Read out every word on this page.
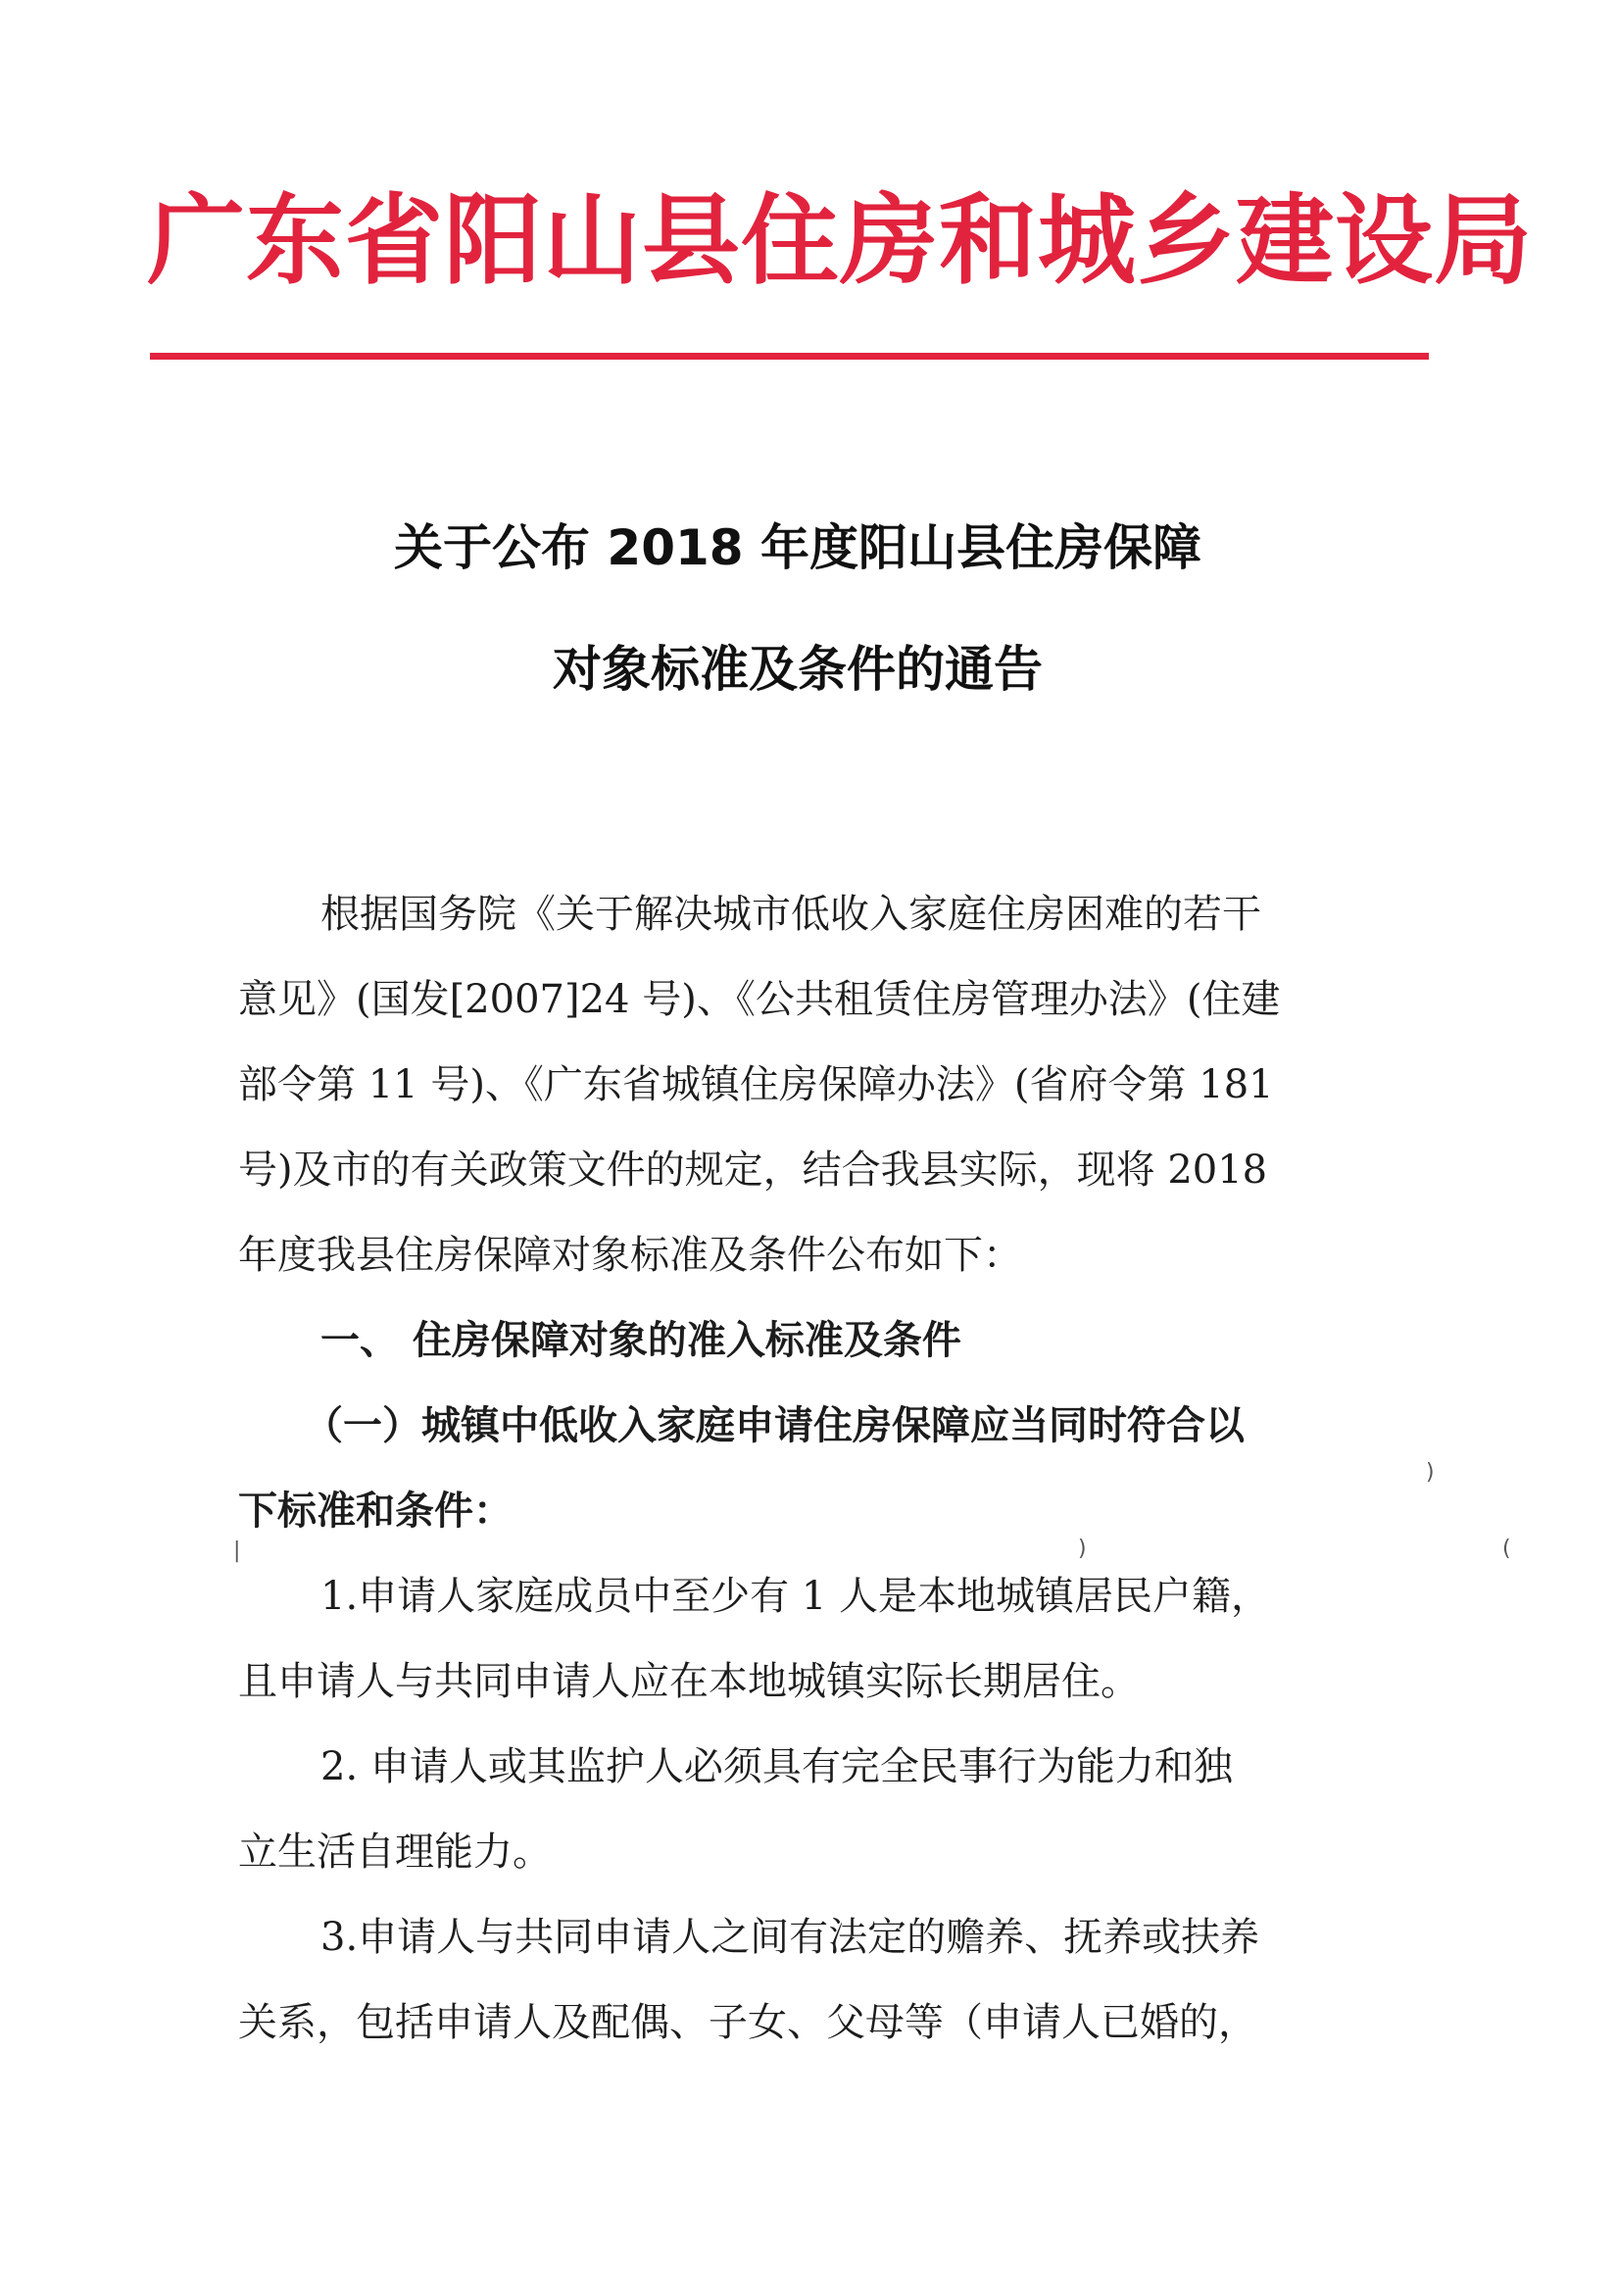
广东省阳山县住房和城乡建设局
关于公布 2018 年度阳山县住房保障
对象标准及条件的通告
根据国务院《关于解决城市低收入家庭住房困难的若干
意见》(国发[2007]24 号)、《公共租赁住房管理办法》(住建
部令第 11 号)、《广东省城镇住房保障办法》(省府令第 181
号)及市的有关政策文件的规定，结合我县实际，现将 2018
年度我县住房保障对象标准及条件公布如下：
一、 住房保障对象的准入标准及条件
（一）城镇中低收入家庭申请住房保障应当同时符合以
下标准和条件：
1.申请人家庭成员中至少有 1 人是本地城镇居民户籍，
且申请人与共同申请人应在本地城镇实际长期居住。
2. 申请人或其监护人必须具有完全民事行为能力和独
立生活自理能力。
3.申请人与共同申请人之间有法定的赡养、抚养或扶养
关系，包括申请人及配偶、子女、父母等（申请人已婚的，
)
|	)	(
